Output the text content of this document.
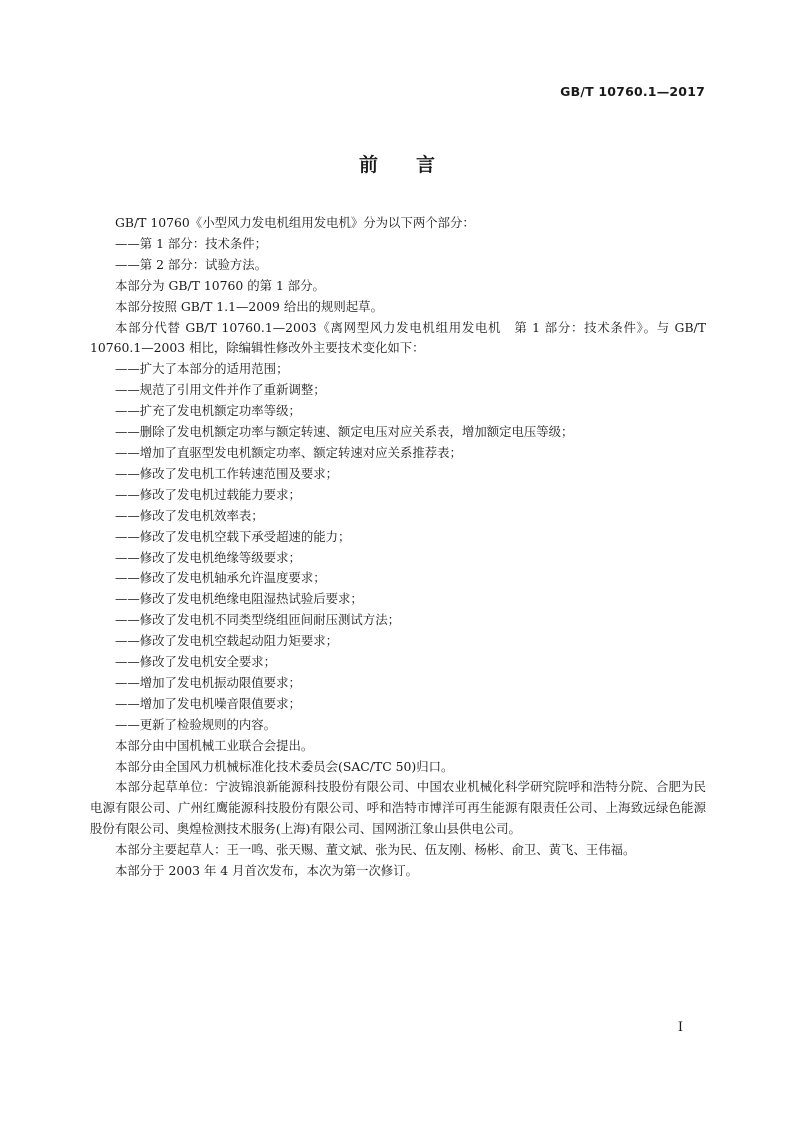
GB/T 10760.1—2017
前言
GB/T 10760《小型风力发电机组用发电机》分为以下两个部分：
——第 1 部分：技术条件；
——第 2 部分：试验方法。
本部分为 GB/T 10760 的第 1 部分。
本部分按照 GB/T 1.1—2009 给出的规则起草。
本部分代替 GB/T 10760.1—2003《离网型风力发电机组用发电机　第 1 部分：技术条件》。与 GB/T 10760.1—2003 相比，除编辑性修改外主要技术变化如下：
——扩大了本部分的适用范围；
——规范了引用文件并作了重新调整；
——扩充了发电机额定功率等级；
——删除了发电机额定功率与额定转速、额定电压对应关系表，增加额定电压等级；
——增加了直驱型发电机额定功率、额定转速对应关系推荐表；
——修改了发电机工作转速范围及要求；
——修改了发电机过载能力要求；
——修改了发电机效率表；
——修改了发电机空载下承受超速的能力；
——修改了发电机绝缘等级要求；
——修改了发电机轴承允许温度要求；
——修改了发电机绝缘电阻湿热试验后要求；
——修改了发电机不同类型绕组匝间耐压测试方法；
——修改了发电机空载起动阻力矩要求；
——修改了发电机安全要求；
——增加了发电机振动限值要求；
——增加了发电机噪音限值要求；
——更新了检验规则的内容。
本部分由中国机械工业联合会提出。
本部分由全国风力机械标准化技术委员会(SAC/TC 50)归口。
本部分起草单位：宁波锦浪新能源科技股份有限公司、中国农业机械化科学研究院呼和浩特分院、合肥为民电源有限公司、广州红鹰能源科技股份有限公司、呼和浩特市博洋可再生能源有限责任公司、上海致远绿色能源股份有限公司、奥煌检测技术服务(上海)有限公司、国网浙江象山县供电公司。
本部分主要起草人：王一鸣、张天赐、董文斌、张为民、伍友刚、杨彬、俞卫、黄飞、王伟福。
本部分于 2003 年 4 月首次发布，本次为第一次修订。
I
